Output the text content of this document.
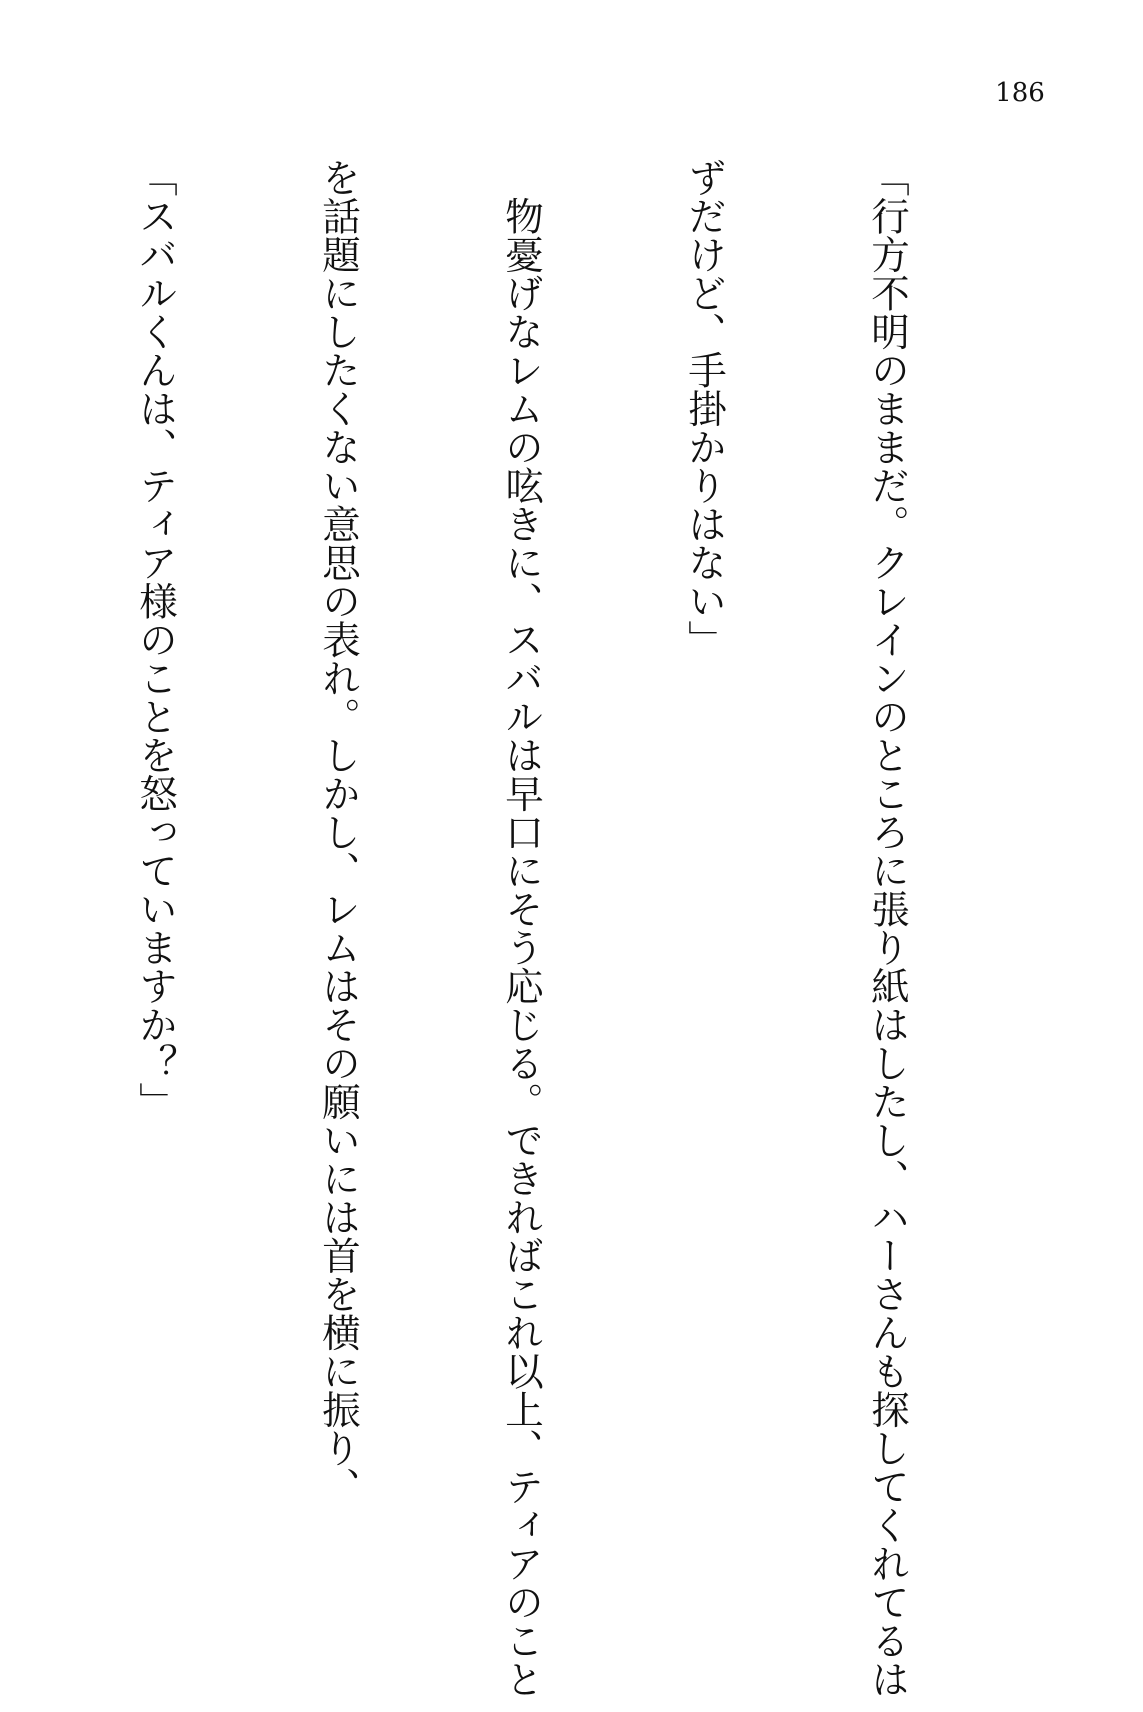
186

「行方不明のままだ。クレインのところに張り紙はしたし、ハーさんも探してくれてるは

ずだけど、手掛かりはない」

　物憂げなレムの呟きに、スバルは早口にそう応じる。できればこれ以上、ティアのこと

を話題にしたくない意思の表れ。しかし、レムはその願いには首を横に振り、

「スバルくんは、ティア様のことを怒っていますか？」
